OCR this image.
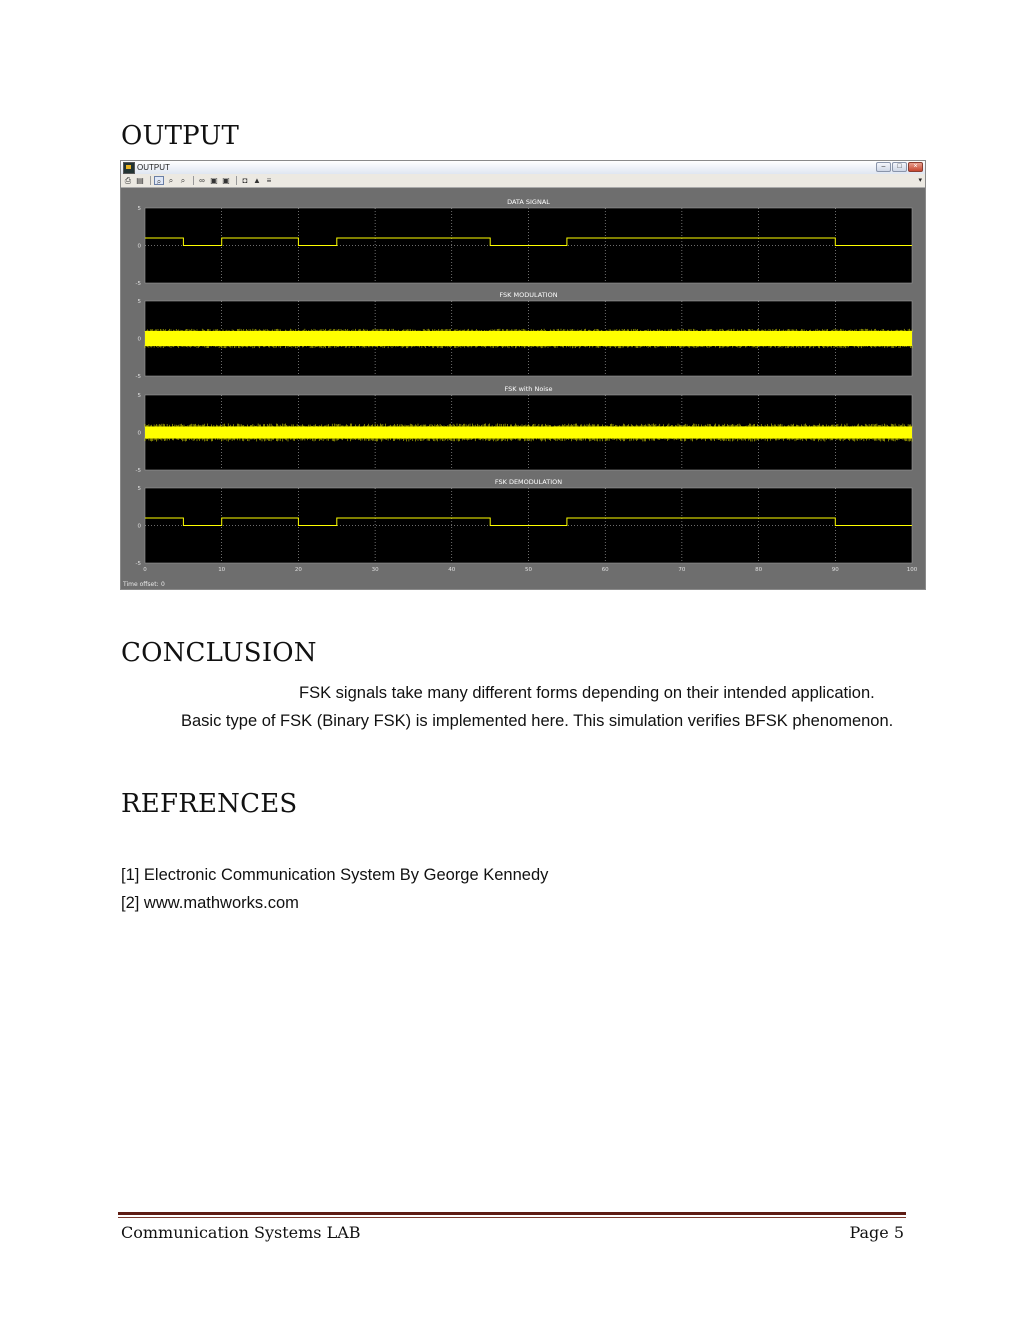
OUTPUT
OUTPUT	–	□	×
⎙ ▤	⌕ ⌕ ⌕	∞ ▣ ▣	◘ ▲ ≡	▾
DATA SIGNAL
5
0
-5
FSK MODULATION
5
0
-5
FSK with Noise
5
0
-5
FSK DEMODULATION
5
0
-5
0	10	20	30	40	50	60	70	80	90	100
Time offset: 0
CONCLUSION

FSK signals take many different forms depending on their intended application. Basic type of FSK (Binary FSK) is implemented here. This simulation verifies BFSK phenomenon.

REFRENCES

[1] Electronic Communication System By George Kennedy

[2] www.mathworks.com

Communication Systems LAB	Page 5
